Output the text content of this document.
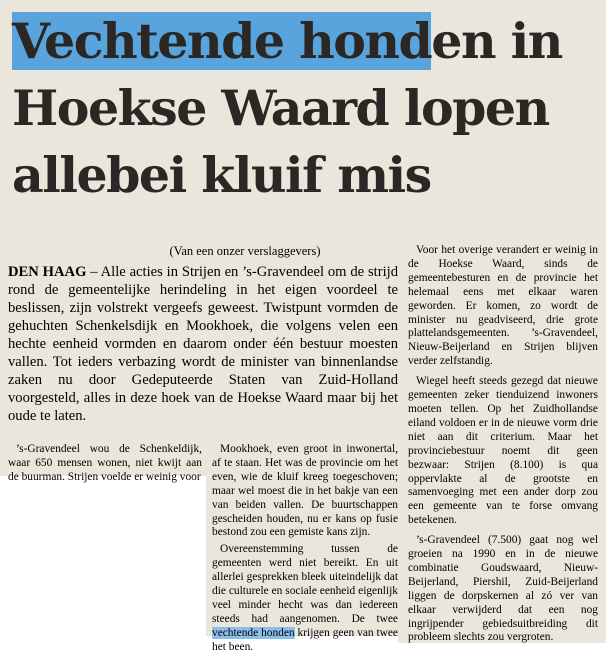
Vechtende honden in
Hoekse Waard lopen
allebei kluif mis

(Van een onzer verslaggevers)

DEN HAAG – Alle acties in Strijen en ’s-Gravendeel om de strijd rond de gemeentelijke herindeling in het eigen voordeel te beslissen, zijn volstrekt vergeefs geweest. Twistpunt vormden de gehuchten Schenkelsdijk en Mookhoek, die volgens velen een hechte eenheid vormden en daarom onder één bestuur moesten vallen. Tot ieders verbazing wordt de minister van binnenlandse zaken nu door Gedeputeerde Staten van Zuid-Holland voorgesteld, alles in deze hoek van de Hoekse Waard maar bij het oude te laten.

’s-Gravendeel wou de Schenkeldijk, waar 650 mensen wonen, niet kwijt aan de buurman. Strijen voelde er weinig voor

Mookhoek, even groot in inwonertal, af te staan. Het was de provincie om het even, wie de kluif kreeg toegeschoven; maar wel moest die in het bakje van een van beiden vallen. De buurtschappen gescheiden houden, nu er kans op fusie bestond zou een gemiste kans zijn.

Overeenstemming tussen de gemeenten werd niet bereikt. En uit allerlei gesprekken bleek uiteindelijk dat die culturele en sociale eenheid eigenlijk veel minder hecht was dan iedereen steeds had aangenomen. De twee vechtende honden krijgen geen van twee het been.

Voor het overige verandert er weinig in de Hoekse Waard, sinds de gemeentebesturen en de provincie het helemaal eens met elkaar waren geworden. Er komen, zo wordt de minister nu geadviseerd, drie grote plattelandsgemeenten. ’s-Gravendeel, Nieuw-Beijerland en Strijen blijven verder zelfstandig.

Wiegel heeft steeds gezegd dat nieuwe gemeenten zeker tienduizend inwoners moeten tellen. Op het Zuidhollandse eiland voldoen er in de nieuwe vorm drie niet aan dit criterium. Maar het provinciebestuur noemt dit geen bezwaar: Strijen (8.100) is qua oppervlakte al de grootste en samenvoeging met een ander dorp zou een gemeente van te forse omvang betekenen.

’s-Gravendeel (7.500) gaat nog wel groeien na 1990 en in de nieuwe combinatie Goudswaard, Nieuw-Beijerland, Piershil, Zuid-Beijerland liggen de dorpskernen al zó ver van elkaar verwijderd dat een nog ingrijpender gebiedsuitbreiding dit probleem slechts zou vergroten.
